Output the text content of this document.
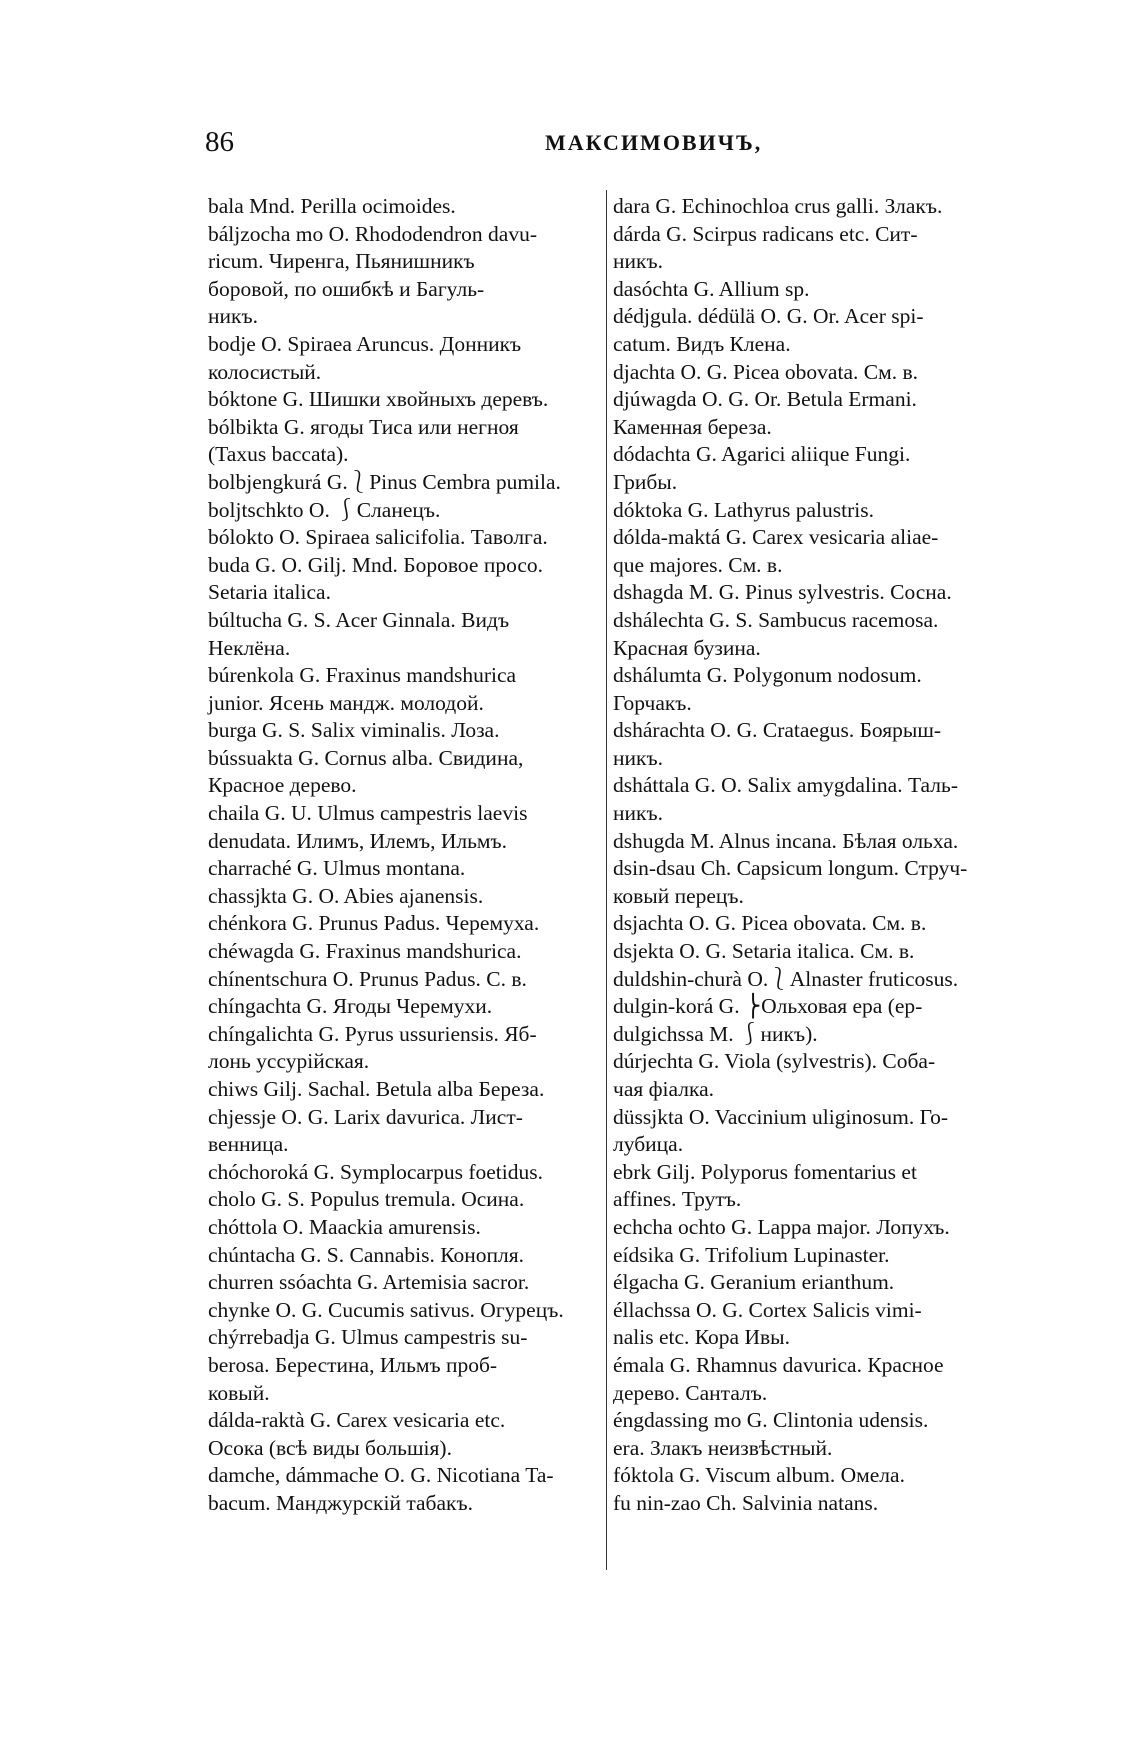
86	МАКСИМОВИЧЪ,
bala Mnd. Perilla ocimoides.
báljzocha mo O. Rhododendron davu-
ricum. Чиренга, Пьянишникъ
боровой, по ошибкѣ и Багуль-
никъ.
bodje O. Spiraea Aruncus. Донникъ
колосистый.
bóktone G. Шишки хвойныхъ деревъ.
bólbikta G. ягоды Тиса или негноя
(Taxus baccata).
bolbjengkurá G.⎱Pinus Cembra pumila.
boljtschkto O. ⎰Сланецъ.
bólokto O. Spiraea salicifolia. Таволга.
buda G. O. Gilj. Mnd. Боровое просо.
Setaria italica.
búltucha G. S. Acer Ginnala. Видъ
Неклёна.
búrenkola G. Fraxinus mandshurica
junior. Ясень мандж. молодой.
burga G. S. Salix viminalis. Лоза.
bússuakta G. Cornus alba. Свидина,
Красное дерево.
chaila G. U. Ulmus campestris laevis
denudata. Илимъ, Илемъ, Ильмъ.
charraché G. Ulmus montana.
chassjkta G. O. Abies ajanensis.
chénkora G. Prunus Padus. Черемуха.
chéwagda G. Fraxinus mandshurica.
chínentschura O. Prunus Padus. C. в.
chíngachta G. Ягоды Черемухи.
chíngalichta G. Pyrus ussuriensis. Яб-
лонь уссурійская.
chiws Gilj. Sachal. Betula alba Береза.
chjessje O. G. Larix davurica. Лист-
венница.
chóchoroká G. Symplocarpus foetidus.
cholo G. S. Populus tremula. Осина.
chóttola O. Maackia amurensis.
chúntacha G. S. Cannabis. Конопля.
churren ssóachta G. Artemisia sacror.
chynke O. G. Cucumis sativus. Огурецъ.
chýrrebadja G. Ulmus campestris su-
berosa. Берестина, Ильмъ проб-
ковый.
dálda-raktà G. Carex vesicaria etc.
Осока (всѣ виды большія).
damche, dámmache O. G. Nicotiana Ta-
bacum. Манджурскій табакъ.
dara G. Echinochloa crus galli. Злакъ.
dárda G. Scirpus radicans etc. Сит-
никъ.
dasóchta G. Allium sp.
dédjgula. dédülä O. G. Or. Acer spi-
catum. Видъ Клена.
djachta O. G. Picea obovata. См. в.
djúwagda O. G. Or. Betula Ermani.
Каменная береза.
dódachta G. Agarici aliique Fungi.
Грибы.
dóktoka G. Lathyrus palustris.
dólda-maktá G. Carex vesicaria aliae-
que majores. См. в.
dshagda M. G. Pinus sylvestris. Сосна.
dshálechta G. S. Sambucus racemosa.
Красная бузина.
dshálumta G. Polygonum nodosum.
Горчакъ.
dshárachta O. G. Crataegus. Боярыш-
никъ.
dsháttala G. O. Salix amygdalina. Таль-
никъ.
dshugda M. Alnus incana. Бѣлая ольха.
dsin-dsau Ch. Capsicum longum. Струч-
ковый перецъ.
dsjachta O. G. Picea obovata. См. в.
dsjekta O. G. Setaria italica. См. в.
duldshin-churà O.⎱Alnaster fruticosus.
dulgin-korá G. ⎬Ольховая ера (ер-
dulgichssa M. ⎰никъ).
dúrjechta G. Viola (sylvestris). Соба-
чая фіалка.
düssjkta O. Vaccinium uliginosum. Го-
лубица.
ebrk Gilj. Polyporus fomentarius et
affines. Трутъ.
echcha ochto G. Lappa major. Лопухъ.
eídsika G. Trifolium Lupinaster.
élgacha G. Geranium erianthum.
éllachssa O. G. Cortex Salicis vimi-
nalis etc. Кора Ивы.
émala G. Rhamnus davurica. Красное
дерево. Санталъ.
éngdassing mo G. Clintonia udensis.
era. Злакъ неизвѣстный.
fóktola G. Viscum album. Омела.
fu nin-zao Ch. Salvinia natans.
